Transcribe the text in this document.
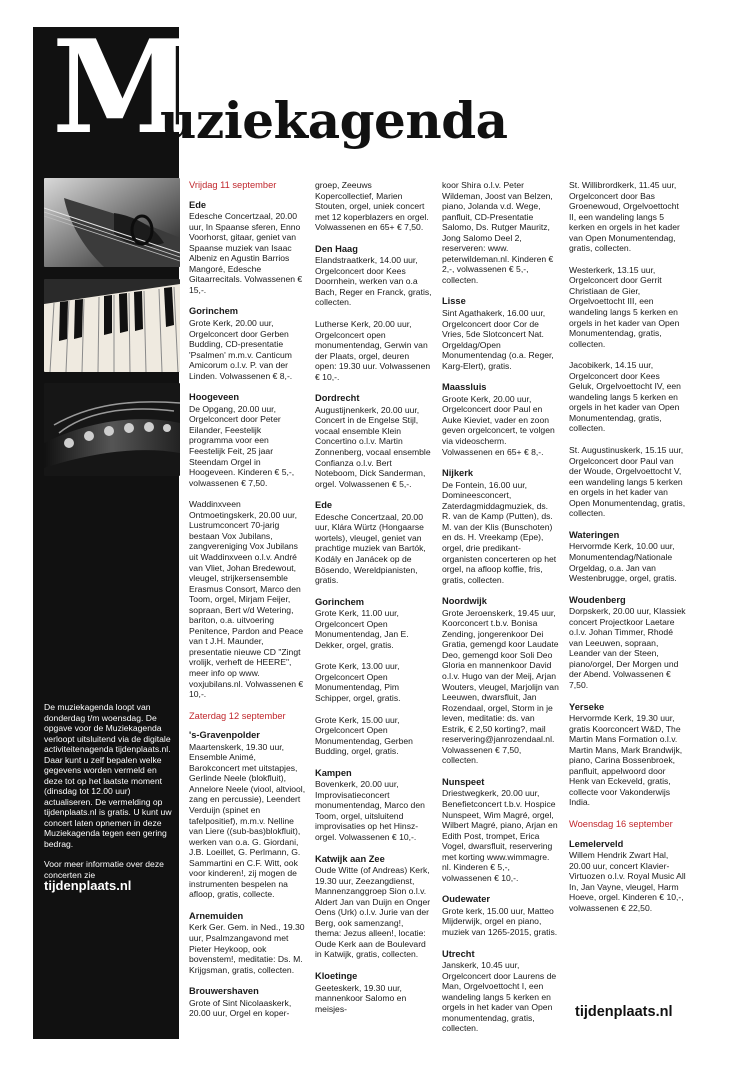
M
uziekagenda

De muziekagenda loopt van donderdag t/m woensdag. De opgave voor de Muziekagenda verloopt uitsluitend via de digitale activiteitenagenda tijdenplaats.nl. Daar kunt u zelf bepalen welke gegevens worden vermeld en deze tot op het laatste moment (dinsdag tot 12.00 uur) actualiseren. De vermelding op tijdenplaats.nl is gratis. U kunt uw concert laten opnemen in deze Muziekagenda tegen een gering bedrag.

Voor meer informatie over deze concerten zie
tijdenplaats.nl

Vrijdag 11 september
Ede
Edesche Concertzaal, 20.00 uur, In Spaanse sferen, Enno Voorhorst, gitaar, geniet van Spaanse muziek van Isaac Albeniz en Agustin Barrios Mangoré, Edesche Gitaarrecitals. Volwassenen € 15,-.
Gorinchem
Grote Kerk, 20.00 uur, Orgelconcert door Gerben Budding, CD-presentatie 'Psalmen' m.m.v. Canticum Amicorum o.l.v. P. van der Linden. Volwassenen € 8,-.
Hoogeveen
De Opgang, 20.00 uur, Orgelconcert door Peter Eilander, Feestelijk programma voor een Feestelijk Feit, 25 jaar Steendam Orgel in Hoogeveen. Kinderen € 5,-, volwassenen € 7,50.
Waddinxveen Ontmoetingskerk, 20.00 uur, Lustrumconcert 70-jarig bestaan Vox Jubilans, zangvereniging Vox Jubilans uit Waddinxveen o.l.v. André van Vliet, Johan Bredewout, vleugel, strijkersensemble Erasmus Consort, Marco den Toom, orgel, Mirjam Feijer, sopraan, Bert v/d Wetering, bariton, o.a. uitvoering Penitence, Pardon and Peace van t J.H. Maunder, presentatie nieuwe CD "Zingt vrolijk, verheft de HEERE", meer info op www. voxjubilans.nl. Volwassenen € 10,-.
Zaterdag 12 september
's-Gravenpolder
Maartenskerk, 19.30 uur, Ensemble Animé, Barokconcert met uitstapjes, Gerlinde Neele (blokfluit), Annelore Neele (viool, altviool, zang en percussie), Leendert Verduijn (spinet en tafelpositief), m.m.v. Nelline van Liere ((sub-bas)blokfluit), werken van o.a. G. Giordani, J.B. Loeillet, G. Perlmann, G. Sammartini en C.F. Witt, ook voor kinderen!, zij mogen de instrumenten bespelen na afloop, gratis, collecte.
Arnemuiden
Kerk Ger. Gem. in Ned., 19.30 uur, Psalmzangavond met Pieter Heykoop, ook bovenstem!, meditatie: Ds. M. Krijgsman, gratis, collecten.
Brouwershaven
Grote of Sint Nicolaaskerk, 20.00 uur, Orgel en koper-
groep, Zeeuws Kopercollectief, Marien Stouten, orgel, uniek concert met 12 koperblazers en orgel. Volwassenen en 65+ € 7,50.
Den Haag
Elandstraatkerk, 14.00 uur, Orgelconcert door Kees Doornhein, werken van o.a Bach, Reger en Franck, gratis, collecten.
Lutherse Kerk, 20.00 uur, Orgelconcert open monumentendag, Gerwin van der Plaats, orgel, deuren open: 19.30 uur. Volwassenen € 10,-.
Dordrecht
Augustijnenkerk, 20.00 uur, Concert in de Engelse Stijl, vocaal ensemble Klein Concertino o.l.v. Martin Zonnenberg, vocaal ensemble Confianza o.l.v. Bert Noteboom, Dick Sanderman, orgel. Volwassenen € 5,-.
Ede
Edesche Concertzaal, 20.00 uur, Klára Würtz (Hongaarse wortels), vleugel, geniet van prachtige muziek van Bartók, Kodály en Janácek op de Bösendo, Wereldpianisten, gratis.
Gorinchem
Grote Kerk, 11.00 uur, Orgelconcert Open Monumentendag, Jan E. Dekker, orgel, gratis.
Grote Kerk, 13.00 uur, Orgelconcert Open Monumentendag, Pim Schipper, orgel, gratis.
Grote Kerk, 15.00 uur, Orgelconcert Open Monumentendag, Gerben Budding, orgel, gratis.
Kampen
Bovenkerk, 20.00 uur, Improvisatieconcert monumentendag, Marco den Toom, orgel, uitsluitend improvisaties op het Hinsz-orgel. Volwassenen € 10,-.
Katwijk aan Zee
Oude Witte (of Andreas) Kerk, 19.30 uur, Zeezangdienst, Mannenzanggroep Sion o.l.v. Aldert Jan van Duijn en Onger Oens (Urk) o.l.v. Jurie van der Berg, ook samenzang!, thema: Jezus alleen!, locatie: Oude Kerk aan de Boulevard in Katwijk, gratis, collecten.
Kloetinge
Geeteskerk, 19.30 uur, mannenkoor Salomo en meisjes-
koor Shira o.l.v. Peter Wildeman, Joost van Belzen, piano, Jolanda v.d. Wege, panfluit, CD-Presentatie Salomo, Ds. Rutger Mauritz, Jong Salomo Deel 2, reserveren: www. peterwildeman.nl. Kinderen € 2,-, volwassenen € 5,-, collecten.
Lisse
Sint Agathakerk, 16.00 uur, Orgelconcert door Cor de Vries, 5de Slotconcert Nat. Orgeldag/Open Monumentendag (o.a. Reger, Karg-Elert), gratis.
Maassluis
Groote Kerk, 20.00 uur, Orgelconcert door Paul en Auke Kieviet, vader en zoon geven orgelconcert, te volgen via videoscherm. Volwassenen en 65+ € 8,-.
Nijkerk
De Fontein, 16.00 uur, Domineesconcert, Zaterdagmiddagmuziek, ds. R. van de Kamp (Putten), ds. M. van der Klis (Bunschoten) en ds. H. Vreekamp (Epe), orgel, drie predikant-organisten concerteren op het orgel, na afloop koffie, fris, gratis, collecten.
Noordwijk
Grote Jeroenskerk, 19.45 uur, Koorconcert t.b.v. Bonisa Zending, jongerenkoor Dei Gratia, gemengd koor Laudate Deo, gemengd koor Soli Deo Gloria en mannenkoor David o.l.v. Hugo van der Meij, Arjan Wouters, vleugel, Marjolijn van Leeuwen, dwarsfluit, Jan Rozendaal, orgel, Storm in je leven, meditatie: ds. van Estrik, € 2,50 korting?, mail reservering@janrozendaal.nl. Volwassenen € 7,50, collecten.
Nunspeet
Driestwegkerk, 20.00 uur, Benefietconcert t.b.v. Hospice Nunspeet, Wim Magré, orgel, Wilbert Magré, piano, Arjan en Edith Post, trompet, Erica Vogel, dwarsfluit, reservering met korting www.wimmagre. nl. Kinderen € 5,-, volwassenen € 10,-.
Oudewater
Grote kerk, 15.00 uur, Matteo Mijderwijk, orgel en piano, muziek van 1265-2015, gratis.
Utrecht
Janskerk, 10.45 uur, Orgelconcert door Laurens de Man, Orgelvoettocht I, een wandeling langs 5 kerken en orgels in het kader van Open monumentendag, gratis, collecten.
St. Willibrordkerk, 11.45 uur, Orgelconcert door Bas Groenewoud, Orgelvoettocht II, een wandeling langs 5 kerken en orgels in het kader van Open Monumentendag, gratis, collecten.
Westerkerk, 13.15 uur, Orgelconcert door Gerrit Christiaan de Gier, Orgelvoettocht III, een wandeling langs 5 kerken en orgels in het kader van Open Monumentendag, gratis, collecten.
Jacobikerk, 14.15 uur, Orgelconcert door Kees Geluk, Orgelvoettocht IV, een wandeling langs 5 kerken en orgels in het kader van Open Monumentendag, gratis, collecten.
St. Augustinuskerk, 15.15 uur, Orgelconcert door Paul van der Woude, Orgelvoettocht V, een wandeling langs 5 kerken en orgels in het kader van Open Monumentendag, gratis, collecten.
Wateringen
Hervormde Kerk, 10.00 uur, Monumentendag/Nationale Orgeldag, o.a. Jan van Westenbrugge, orgel, gratis.
Woudenberg
Dorpskerk, 20.00 uur, Klassiek concert Projectkoor Laetare o.l.v. Johan Timmer, Rhodé van Leeuwen, sopraan, Leander van der Steen, piano/orgel, Der Morgen und der Abend. Volwassenen € 7,50.
Yerseke
Hervormde Kerk, 19.30 uur, gratis Koorconcert W&D, The Martin Mans Formation o.l.v. Martin Mans, Mark Brandwijk, piano, Carina Bossenbroek, panfluit, appelwoord door Henk van Eckeveld, gratis, collecte voor Vakonderwijs India.
Woensdag 16 september
Lemelerveld
Willem Hendrik Zwart Hal, 20.00 uur, concert Klavier-Virtuozen o.l.v. Royal Music All In, Jan Vayne, vleugel, Harm Hoeve, orgel. Kinderen € 10,-, volwassenen € 22,50.
tijdenplaats.nl
